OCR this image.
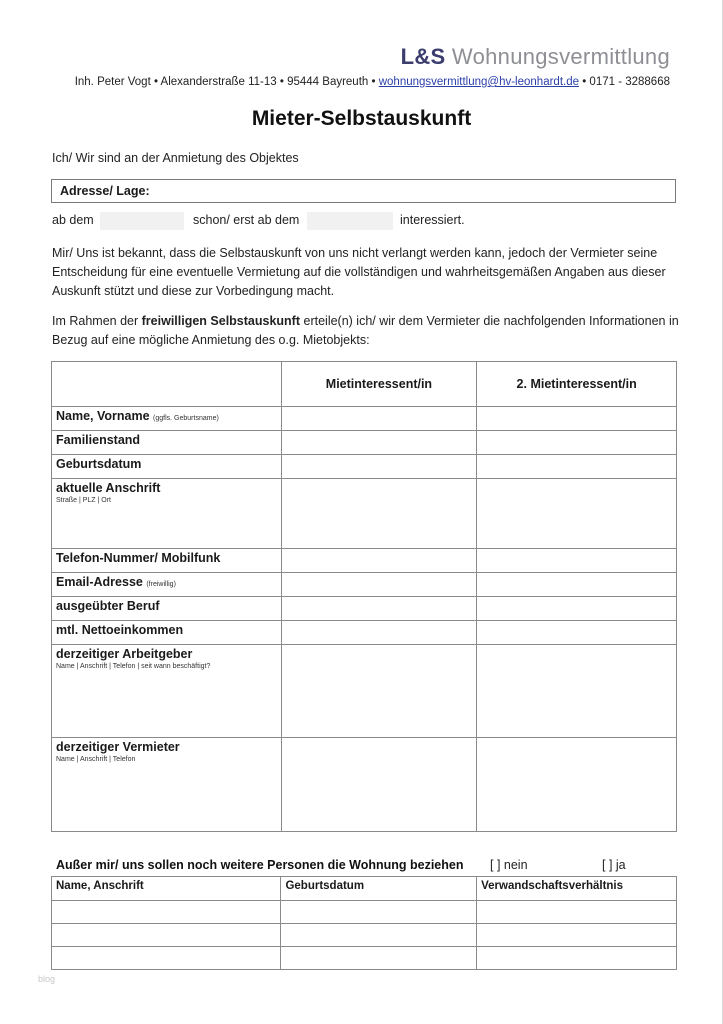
L&S Wohnungsvermittlung
Inh. Peter Vogt • Alexanderstraße 11-13 • 95444 Bayreuth • wohnungsvermittlung@hv-leonhardt.de • 0171 - 3288668
Mieter-Selbstauskunft
Ich/ Wir sind an der Anmietung des Objektes
Adresse/ Lage:
ab dem	schon/ erst ab dem	interessiert.
Mir/ Uns ist bekannt, dass die Selbstauskunft von uns nicht verlangt werden kann, jedoch der Vermieter seine
Entscheidung für eine eventuelle Vermietung auf die vollständigen und wahrheitsgemäßen Angaben aus dieser
Auskunft stützt und diese zur Vorbedingung macht.
Im Rahmen der freiwilligen Selbstauskunft erteile(n) ich/ wir dem Vermieter die nachfolgenden Informationen in
Bezug auf eine mögliche Anmietung des o.g. Mietobjekts:
	Mietinteressent/in	2. Mietinteressent/in
Name, Vorname (ggfls. Geburtsname)		
Familienstand		
Geburtsdatum		
aktuelle Anschrift
Straße | PLZ | Ort		

Telefon-Nummer/ Mobilfunk		
Email-Adresse (freiwillig)		
ausgeübter Beruf		
mtl. Nettoeinkommen		
derzeitiger Arbeitgeber
Name | Anschrift | Telefon | seit wann beschäftigt?		

derzeitiger Vermieter
Name | Anschrift | Telefon		

Außer mir/ uns sollen noch weitere Personen die Wohnung beziehen [ ] nein	[ ] ja
Name, Anschrift	Geburtsdatum	Verwandschaftsverhältnis

blog
